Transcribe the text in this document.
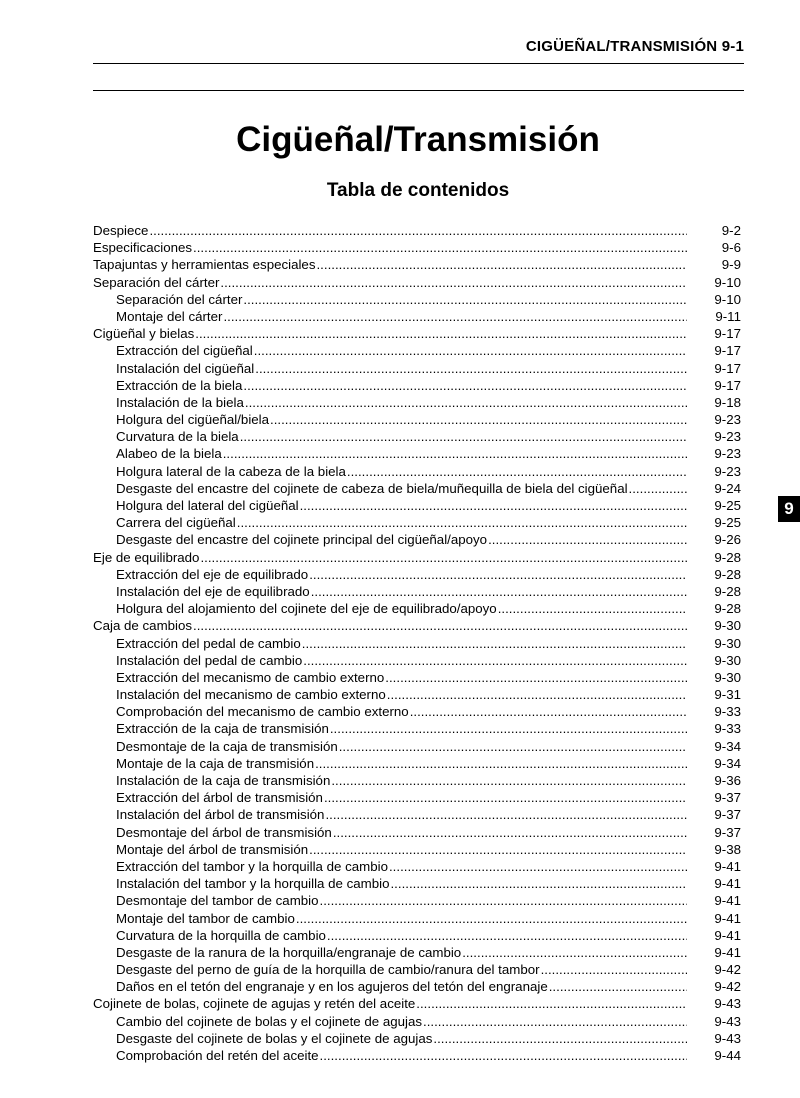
CIGÜEÑAL/TRANSMISIÓN 9-1
Cigüeñal/Transmisión
Tabla de contenidos
Despiece .....	9-2
Especificaciones .....	9-6
Tapajuntas y herramientas especiales .....	9-9
Separación del cárter .....	9-10
Separación del cárter .....	9-10
Montaje del cárter .....	9-11
Cigüeñal y bielas .....	9-17
Extracción del cigüeñal .....	9-17
Instalación del cigüeñal .....	9-17
Extracción de la biela .....	9-17
Instalación de la biela .....	9-18
Holgura del cigüeñal/biela .....	9-23
Curvatura de la biela .....	9-23
Alabeo de la biela .....	9-23
Holgura lateral de la cabeza de la biela .....	9-23
Desgaste del encastre del cojinete de cabeza de biela/muñequilla de biela del cigüeñal .....	9-24
Holgura del lateral del cigüeñal .....	9-25
Carrera del cigüeñal .....	9-25
Desgaste del encastre del cojinete principal del cigüeñal/apoyo .....	9-26
Eje de equilibrado .....	9-28
Extracción del eje de equilibrado .....	9-28
Instalación del eje de equilibrado .....	9-28
Holgura del alojamiento del cojinete del eje de equilibrado/apoyo .....	9-28
Caja de cambios .....	9-30
Extracción del pedal de cambio .....	9-30
Instalación del pedal de cambio .....	9-30
Extracción del mecanismo de cambio externo .....	9-30
Instalación del mecanismo de cambio externo .....	9-31
Comprobación del mecanismo de cambio externo .....	9-33
Extracción de la caja de transmisión .....	9-33
Desmontaje de la caja de transmisión .....	9-34
Montaje de la caja de transmisión .....	9-34
Instalación de la caja de transmisión .....	9-36
Extracción del árbol de transmisión .....	9-37
Instalación del árbol de transmisión .....	9-37
Desmontaje del árbol de transmisión .....	9-37
Montaje del árbol de transmisión .....	9-38
Extracción del tambor y la horquilla de cambio .....	9-41
Instalación del tambor y la horquilla de cambio .....	9-41
Desmontaje del tambor de cambio .....	9-41
Montaje del tambor de cambio .....	9-41
Curvatura de la horquilla de cambio .....	9-41
Desgaste de la ranura de la horquilla/engranaje de cambio .....	9-41
Desgaste del perno de guía de la horquilla de cambio/ranura del tambor .....	9-42
Daños en el tetón del engranaje y en los agujeros del tetón del engranaje .....	9-42
Cojinete de bolas, cojinete de agujas y retén del aceite .....	9-43
Cambio del cojinete de bolas y el cojinete de agujas .....	9-43
Desgaste del cojinete de bolas y el cojinete de agujas .....	9-43
Comprobación del retén del aceite .....	9-44
9
